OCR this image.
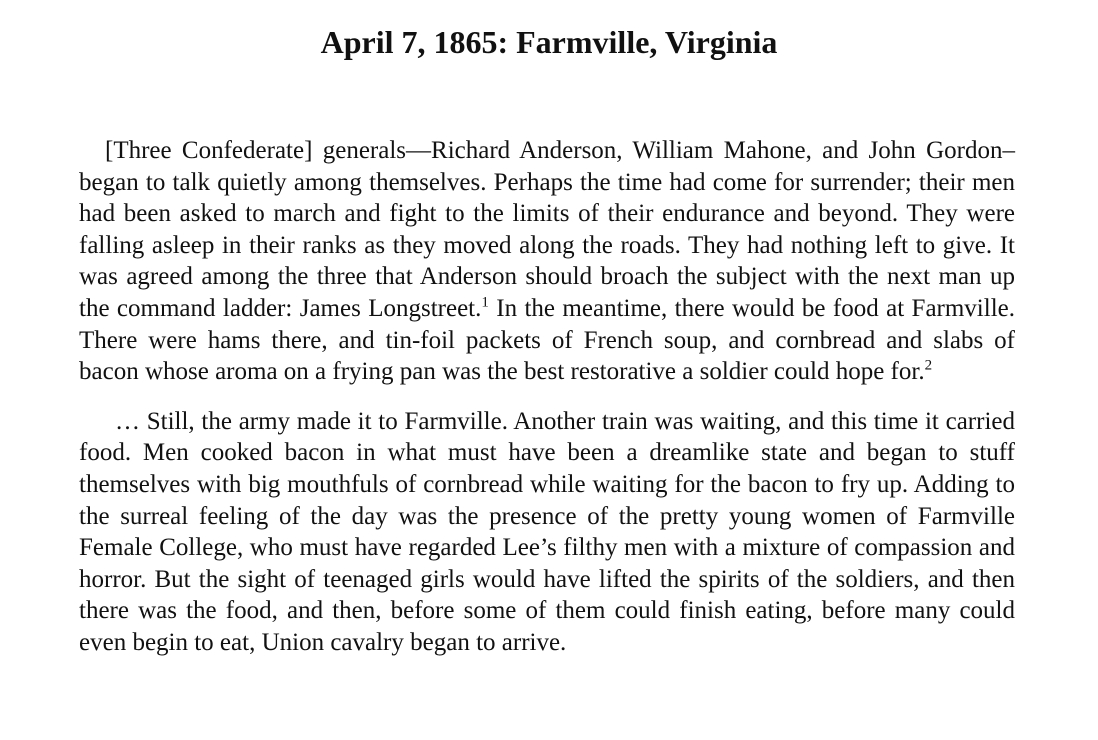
April 7, 1865: Farmville, Virginia

[Three Confederate] generals—Richard Anderson, William Mahone, and John Gordon–began to talk quietly among themselves. Perhaps the time had come for surrender; their men had been asked to march and fight to the limits of their endurance and beyond. They were falling asleep in their ranks as they moved along the roads. They had nothing left to give. It was agreed among the three that Anderson should broach the subject with the next man up the command ladder: James Longstreet.$^1$ In the meantime, there would be food at Farmville. There were hams there, and tin-foil packets of French soup, and cornbread and slabs of bacon whose aroma on a frying pan was the best restorative a soldier could hope for.$^2$

… Still, the army made it to Farmville. Another train was waiting, and this time it carried food. Men cooked bacon in what must have been a dreamlike state and began to stuff themselves with big mouthfuls of cornbread while waiting for the bacon to fry up. Adding to the surreal feeling of the day was the presence of the pretty young women of Farmville Female College, who must have regarded Lee’s filthy men with a mixture of compassion and horror. But the sight of teenaged girls would have lifted the spirits of the soldiers, and then there was the food, and then, before some of them could finish eating, before many could even begin to eat, Union cavalry began to arrive.
